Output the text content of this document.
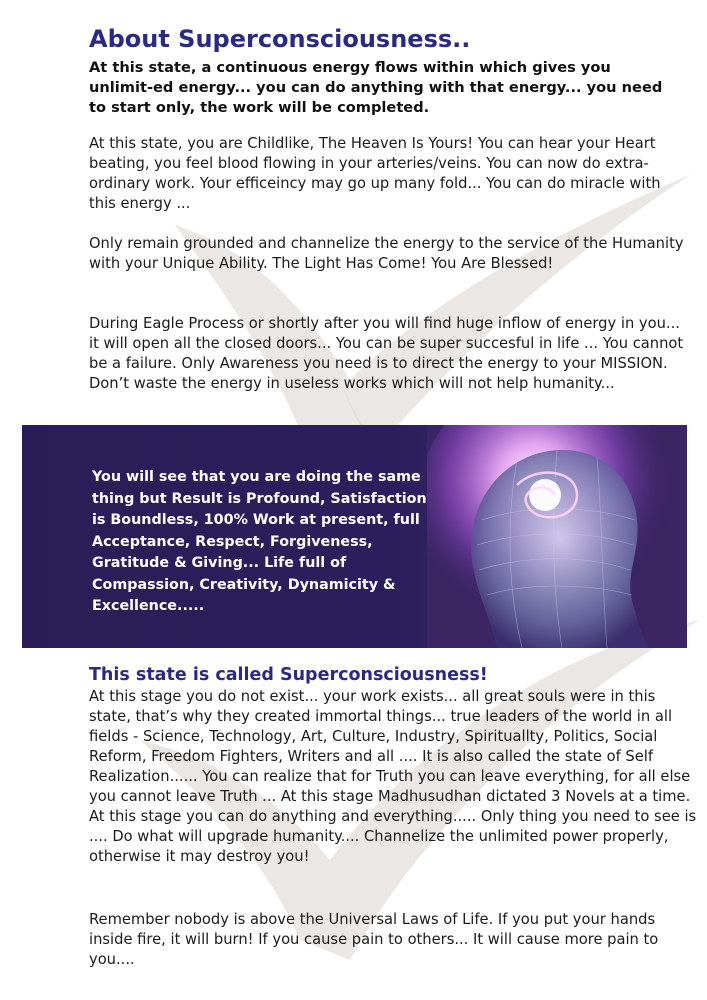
About Superconsciousness..

At this state, a continuous energy flows within which gives you unlimit-ed energy... you can do anything with that energy... you need to start only, the work will be completed.

At this state, you are Childlike, The Heaven Is Yours! You can hear your Heart beating, you feel blood flowing in your arteries/veins. You can now do extra-ordinary work. Your efficeincy may go up many fold... You can do miracle with this energy ...

Only remain grounded and channelize the energy to the service of the Humanity with your Unique Ability. The Light Has Come! You Are Blessed!

During Eagle Process or shortly after you will find huge inflow of energy in you... it will open all the closed doors... You can be super succesful in life ... You cannot be a failure. Only Awareness you need is to direct the energy to your MISSION. Don’t waste the energy in useless works which will not help humanity...

You will see that you are doing the same thing but Result is Profound, Satisfaction is Boundless, 100% Work at present, full Acceptance, Respect, Forgiveness, Gratitude & Giving... Life full of Compassion, Creativity, Dynamicity & Excellence.....

This state is called Superconsciousness!

At this stage you do not exist... your work exists... all great souls were in this state, that’s why they created immortal things... true leaders of the world in all fields - Science, Technology, Art, Culture, Industry, Spirituallty, Politics, Social Reform, Freedom Fighters, Writers and all .... It is also called the state of Self Realization...... You can realize that for Truth you can leave everything, for all else you cannot leave Truth ... At this stage Madhusudhan dictated 3 Novels at a time. At this stage you can do anything and everything..... Only thing you need to see is .... Do what will upgrade humanity.... Channelize the unlimited power properly, otherwise it may destroy you!

Remember nobody is above the Universal Laws of Life. If you put your hands inside fire, it will burn! If you cause pain to others... It will cause more pain to you....
